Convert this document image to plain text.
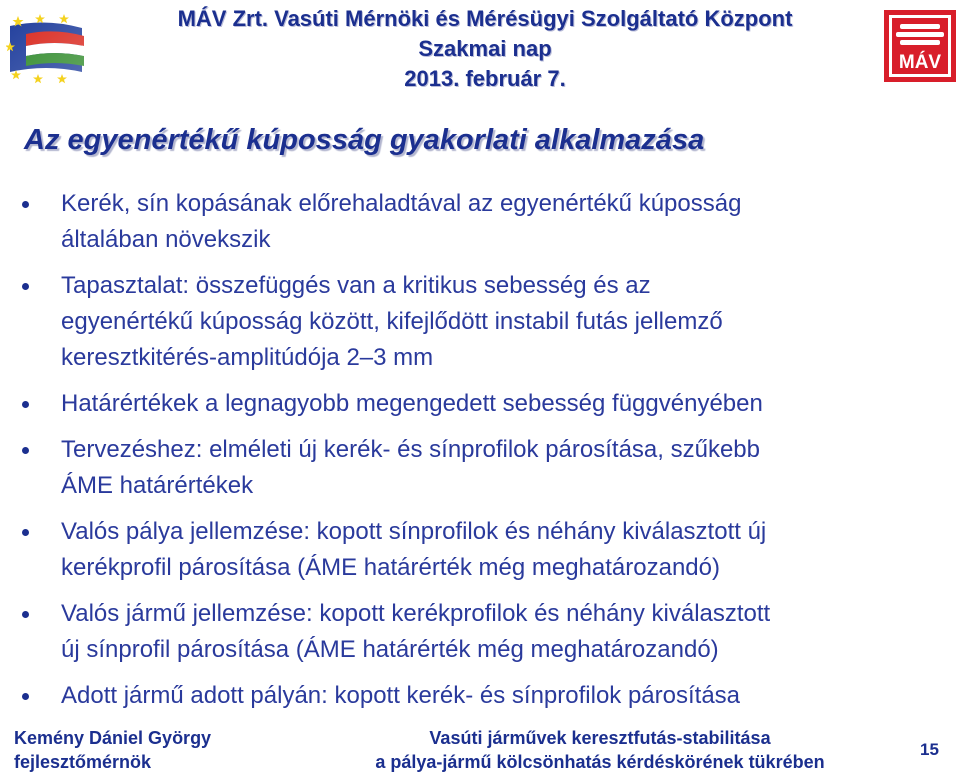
MÁV Zrt. Vasúti Mérnöki és Mérésügyi Szolgáltató Központ
Szakmai nap
2013. február 7.
MÁV
Az egyenértékű kúposság gyakorlati alkalmazása
Kerék, sín kopásának előrehaladtával az egyenértékű kúposság
általában növekszik
Tapasztalat: összefüggés van a kritikus sebesség és az
egyenértékű kúposság között, kifejlődött instabil futás jellemző
keresztkitérés-amplitúdója 2–3 mm
Határértékek a legnagyobb megengedett sebesség függvényében
Tervezéshez: elméleti új kerék- és sínprofilok párosítása, szűkebb
ÁME határértékek
Valós pálya jellemzése: kopott sínprofilok és néhány kiválasztott új
kerékprofil párosítása (ÁME határérték még meghatározandó)
Valós jármű jellemzése: kopott kerékprofilok és néhány kiválasztott
új sínprofil párosítása (ÁME határérték még meghatározandó)
Adott jármű adott pályán: kopott kerék- és sínprofilok párosítása
Kemény Dániel György
fejlesztőmérnök
Vasúti járművek keresztfutás-stabilitása
a pálya-jármű kölcsönhatás kérdéskörének tükrében
15
